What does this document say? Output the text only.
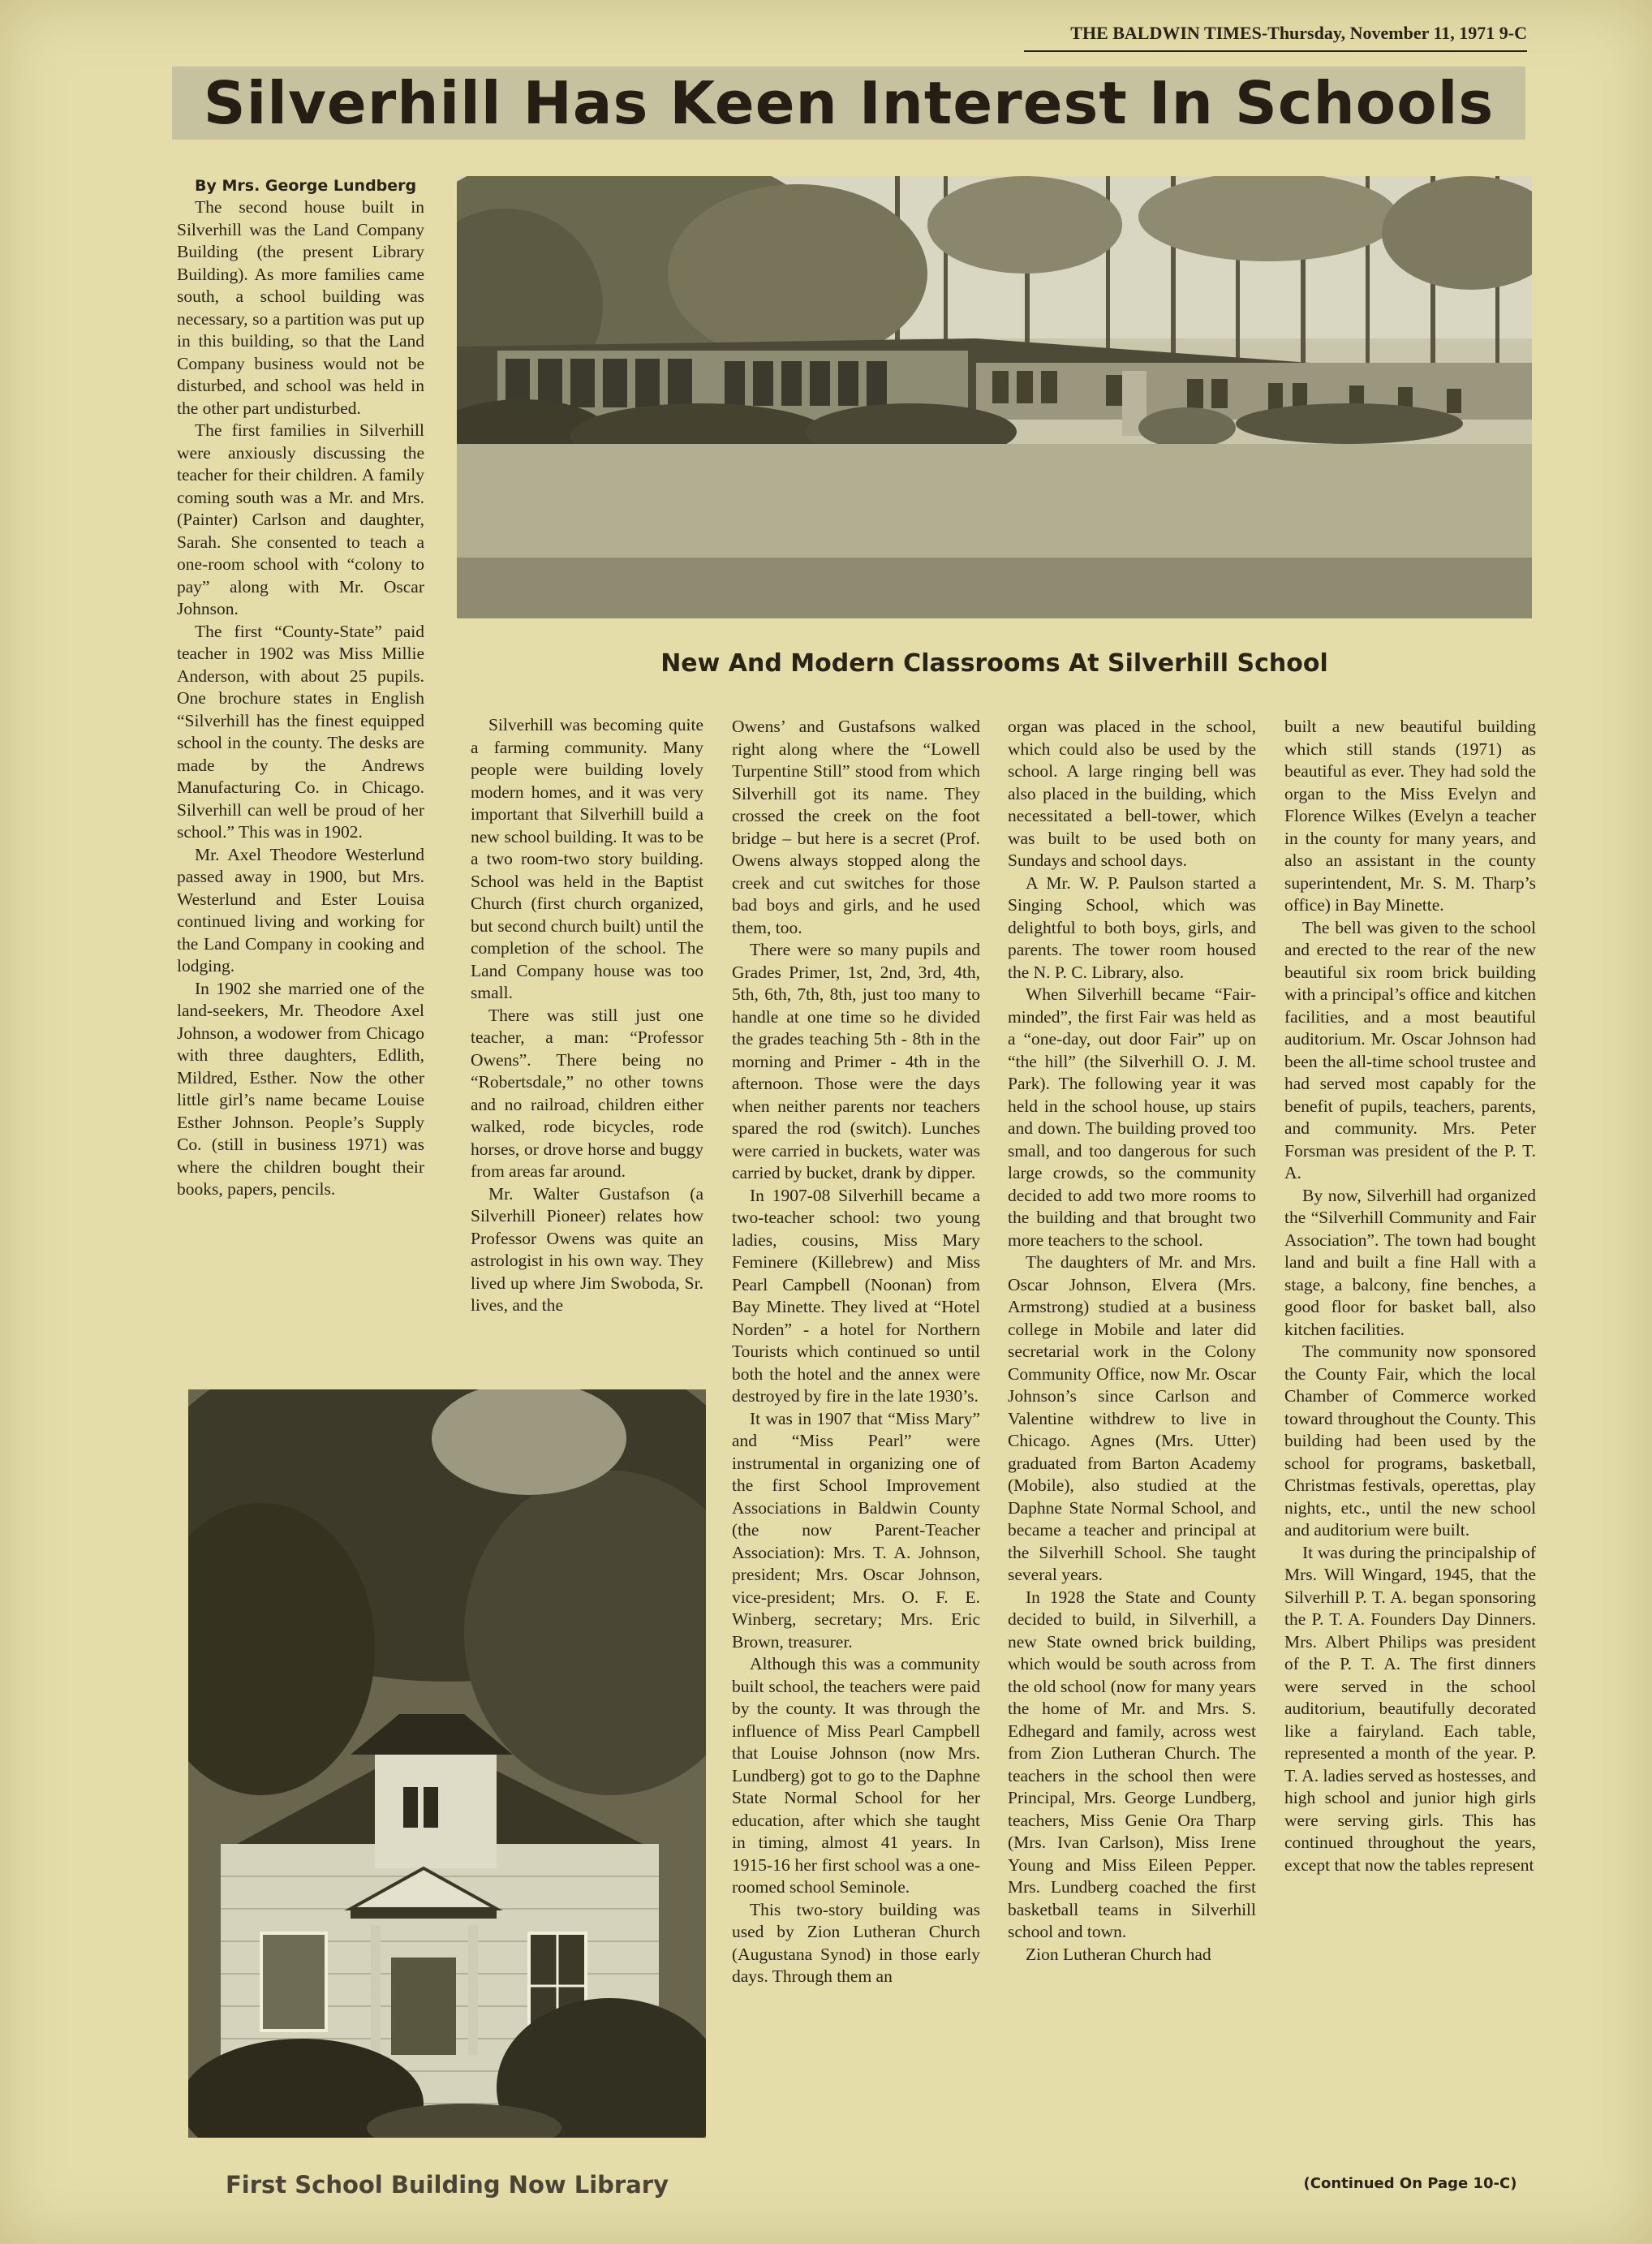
THE BALDWIN TIMES-Thursday, November 11, 1971 9-C
Silverhill Has Keen Interest In Schools
By Mrs. George Lundberg
New And Modern Classrooms At Silverhill School
First School Building Now Library

The second house built in Silverhill was the Land Company Building (the present Library Building). As more families came south, a school building was necessary, so a partition was put up in this building, so that the Land Company business would not be disturbed, and school was held in the other part undisturbed.

The first families in Silverhill were anxiously discussing the teacher for their children. A family coming south was a Mr. and Mrs. (Painter) Carlson and daughter, Sarah. She consented to teach a one-room school with “colony to pay” along with Mr. Oscar Johnson.

The first “County-State” paid teacher in 1902 was Miss Millie Anderson, with about 25 pupils. One brochure states in English “Silverhill has the finest equipped school in the county. The desks are made by the Andrews Manufacturing Co. in Chicago. Silverhill can well be proud of her school.” This was in 1902.

Mr. Axel Theodore Westerlund passed away in 1900, but Mrs. Westerlund and Ester Louisa continued living and working for the Land Company in cooking and lodging.

In 1902 she married one of the land-seekers, Mr. Theodore Axel Johnson, a wodower from Chicago with three daughters, Edlith, Mildred, Esther. Now the other little girl’s name became Louise Esther Johnson. People’s Supply Co. (still in business 1971) was where the children bought their books, papers, pencils.

Silverhill was becoming quite a farming community. Many people were building lovely modern homes, and it was very important that Silverhill build a new school building. It was to be a two room-two story building. School was held in the Baptist Church (first church organized, but second church built) until the completion of the school. The Land Company house was too small.

There was still just one teacher, a man: “Professor Owens”. There being no “Robertsdale,” no other towns and no railroad, children either walked, rode bicycles, rode horses, or drove horse and buggy from areas far around.

Mr. Walter Gustafson (a Silverhill Pioneer) relates how Professor Owens was quite an astrologist in his own way. They lived up where Jim Swoboda, Sr. lives, and the

Owens’ and Gustafsons walked right along where the “Lowell Turpentine Still” stood from which Silverhill got its name. They crossed the creek on the foot bridge – but here is a secret (Prof. Owens always stopped along the creek and cut switches for those bad boys and girls, and he used them, too.

There were so many pupils and Grades Primer, 1st, 2nd, 3rd, 4th, 5th, 6th, 7th, 8th, just too many to handle at one time so he divided the grades teaching 5th - 8th in the morning and Primer - 4th in the afternoon. Those were the days when neither parents nor teachers spared the rod (switch). Lunches were carried in buckets, water was carried by bucket, drank by dipper.

In 1907-08 Silverhill became a two-teacher school: two young ladies, cousins, Miss Mary Feminere (Killebrew) and Miss Pearl Campbell (Noonan) from Bay Minette. They lived at “Hotel Norden” - a hotel for Northern Tourists which continued so until both the hotel and the annex were destroyed by fire in the late 1930’s.

It was in 1907 that “Miss Mary” and “Miss Pearl” were instrumental in organizing one of the first School Improvement Associations in Baldwin County (the now Parent-Teacher Association): Mrs. T. A. Johnson, president; Mrs. Oscar Johnson, vice-president; Mrs. O. F. E. Winberg, secretary; Mrs. Eric Brown, treasurer.

Although this was a community built school, the teachers were paid by the county. It was through the influence of Miss Pearl Campbell that Louise Johnson (now Mrs. Lundberg) got to go to the Daphne State Normal School for her education, after which she taught in timing, almost 41 years. In 1915-16 her first school was a one-roomed school Seminole.

This two-story building was used by Zion Lutheran Church (Augustana Synod) in those early days. Through them an

organ was placed in the school, which could also be used by the school. A large ringing bell was also placed in the building, which necessitated a bell-tower, which was built to be used both on Sundays and school days.

A Mr. W. P. Paulson started a Singing School, which was delightful to both boys, girls, and parents. The tower room housed the N. P. C. Library, also.

When Silverhill became “Fair-minded”, the first Fair was held as a “one-day, out door Fair” up on “the hill” (the Silverhill O. J. M. Park). The following year it was held in the school house, up stairs and down. The building proved too small, and too dangerous for such large crowds, so the community decided to add two more rooms to the building and that brought two more teachers to the school.

The daughters of Mr. and Mrs. Oscar Johnson, Elvera (Mrs. Armstrong) studied at a business college in Mobile and later did secretarial work in the Colony Community Office, now Mr. Oscar Johnson’s since Carlson and Valentine withdrew to live in Chicago. Agnes (Mrs. Utter) graduated from Barton Academy (Mobile), also studied at the Daphne State Normal School, and became a teacher and principal at the Silverhill School. She taught several years.

In 1928 the State and County decided to build, in Silverhill, a new State owned brick building, which would be south across from the old school (now for many years the home of Mr. and Mrs. S. Edhegard and family, across west from Zion Lutheran Church. The teachers in the school then were Principal, Mrs. George Lundberg, teachers, Miss Genie Ora Tharp (Mrs. Ivan Carlson), Miss Irene Young and Miss Eileen Pepper. Mrs. Lundberg coached the first basketball teams in Silverhill school and town.

Zion Lutheran Church had

built a new beautiful building which still stands (1971) as beautiful as ever. They had sold the organ to the Miss Evelyn and Florence Wilkes (Evelyn a teacher in the county for many years, and also an assistant in the county superintendent, Mr. S. M. Tharp’s office) in Bay Minette.

The bell was given to the school and erected to the rear of the new beautiful six room brick building with a principal’s office and kitchen facilities, and a most beautiful auditorium. Mr. Oscar Johnson had been the all-time school trustee and had served most capably for the benefit of pupils, teachers, parents, and community. Mrs. Peter Forsman was president of the P. T. A.

By now, Silverhill had organized the “Silverhill Community and Fair Association”. The town had bought land and built a fine Hall with a stage, a balcony, fine benches, a good floor for basket ball, also kitchen facilities.

The community now sponsored the County Fair, which the local Chamber of Commerce worked toward throughout the County. This building had been used by the school for programs, basketball, Christmas festivals, operettas, play nights, etc., until the new school and auditorium were built.

It was during the principalship of Mrs. Will Wingard, 1945, that the Silverhill P. T. A. began sponsoring the P. T. A. Founders Day Dinners. Mrs. Albert Philips was president of the P. T. A. The first dinners were served in the school auditorium, beautifully decorated like a fairyland. Each table, represented a month of the year. P. T. A. ladies served as hostesses, and high school and junior high girls were serving girls. This has continued throughout the years, except that now the tables represent

(Continued On Page 10-C)
